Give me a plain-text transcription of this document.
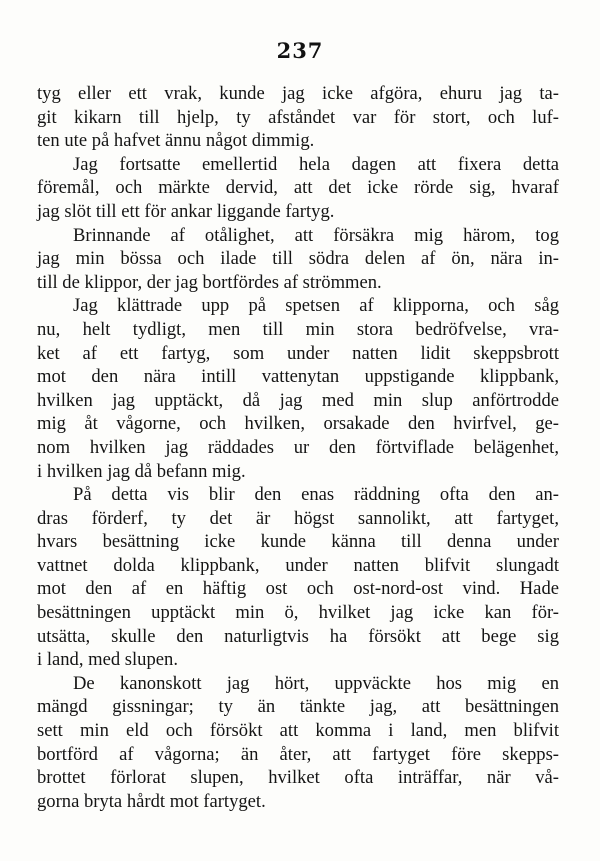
237
tyg eller ett vrak, kunde jag icke afgöra, ehuru jag ta-
git kikarn till hjelp, ty afståndet var för stort, och luf-
ten ute på hafvet ännu något dimmig.
Jag fortsatte emellertid hela dagen att fixera detta
föremål, och märkte dervid, att det icke rörde sig, hvaraf
jag slöt till ett för ankar liggande fartyg.
Brinnande af otålighet, att försäkra mig härom, tog
jag min bössa och ilade till södra delen af ön, nära in-
till de klippor, der jag bortfördes af strömmen.
Jag klättrade upp på spetsen af klipporna, och såg
nu, helt tydligt, men till min stora bedröfvelse, vra-
ket af ett fartyg, som under natten lidit skeppsbrott
mot den nära intill vattenytan uppstigande klippbank,
hvilken jag upptäckt, då jag med min slup anförtrodde
mig åt vågorne, och hvilken, orsakade den hvirfvel, ge-
nom hvilken jag räddades ur den förtviflade belägenhet,
i hvilken jag då befann mig.
På detta vis blir den enas räddning ofta den an-
dras förderf, ty det är högst sannolikt, att fartyget,
hvars besättning icke kunde känna till denna under
vattnet dolda klippbank, under natten blifvit slungadt
mot den af en häftig ost och ost-nord-ost vind. Hade
besättningen upptäckt min ö, hvilket jag icke kan för-
utsätta, skulle den naturligtvis ha försökt att bege sig
i land, med slupen.
De kanonskott jag hört, uppväckte hos mig en
mängd gissningar; ty än tänkte jag, att besättningen
sett min eld och försökt att komma i land, men blifvit
bortförd af vågorna; än åter, att fartyget före skepps-
brottet förlorat slupen, hvilket ofta inträffar, när vå-
gorna bryta hårdt mot fartyget.
